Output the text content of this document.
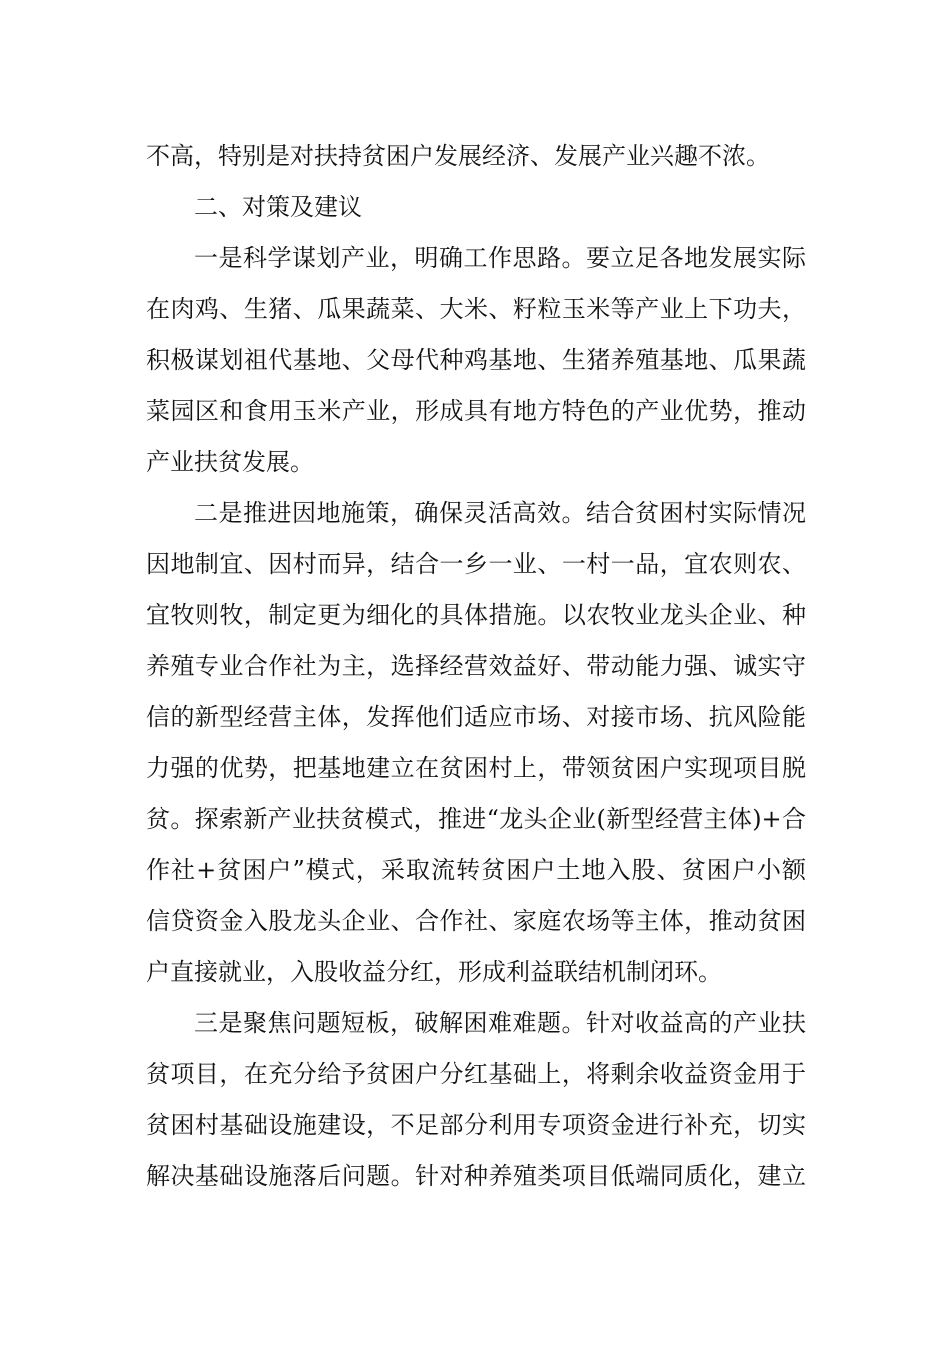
不高，特别是对扶持贫困户发展经济、发展产业兴趣不浓。

二、对策及建议

一是科学谋划产业，明确工作思路。要立足各地发展实际

在肉鸡、生猪、瓜果蔬菜、大米、籽粒玉米等产业上下功夫，

积极谋划祖代基地、父母代种鸡基地、生猪养殖基地、瓜果蔬

菜园区和食用玉米产业，形成具有地方特色的产业优势，推动

产业扶贫发展。

二是推进因地施策，确保灵活高效。结合贫困村实际情况

因地制宜、因村而异，结合一乡一业、一村一品，宜农则农、

宜牧则牧，制定更为细化的具体措施。以农牧业龙头企业、种

养殖专业合作社为主，选择经营效益好、带动能力强、诚实守

信的新型经营主体，发挥他们适应市场、对接市场、抗风险能

力强的优势，把基地建立在贫困村上，带领贫困户实现项目脱

贫。探索新产业扶贫模式，推进“龙头企业(新型经营主体)+合

作社+贫困户”模式，采取流转贫困户土地入股、贫困户小额

信贷资金入股龙头企业、合作社、家庭农场等主体，推动贫困

户直接就业，入股收益分红，形成利益联结机制闭环。

三是聚焦问题短板，破解困难难题。针对收益高的产业扶

贫项目，在充分给予贫困户分红基础上，将剩余收益资金用于

贫困村基础设施建设，不足部分利用专项资金进行补充，切实

解决基础设施落后问题。针对种养殖类项目低端同质化，建立
